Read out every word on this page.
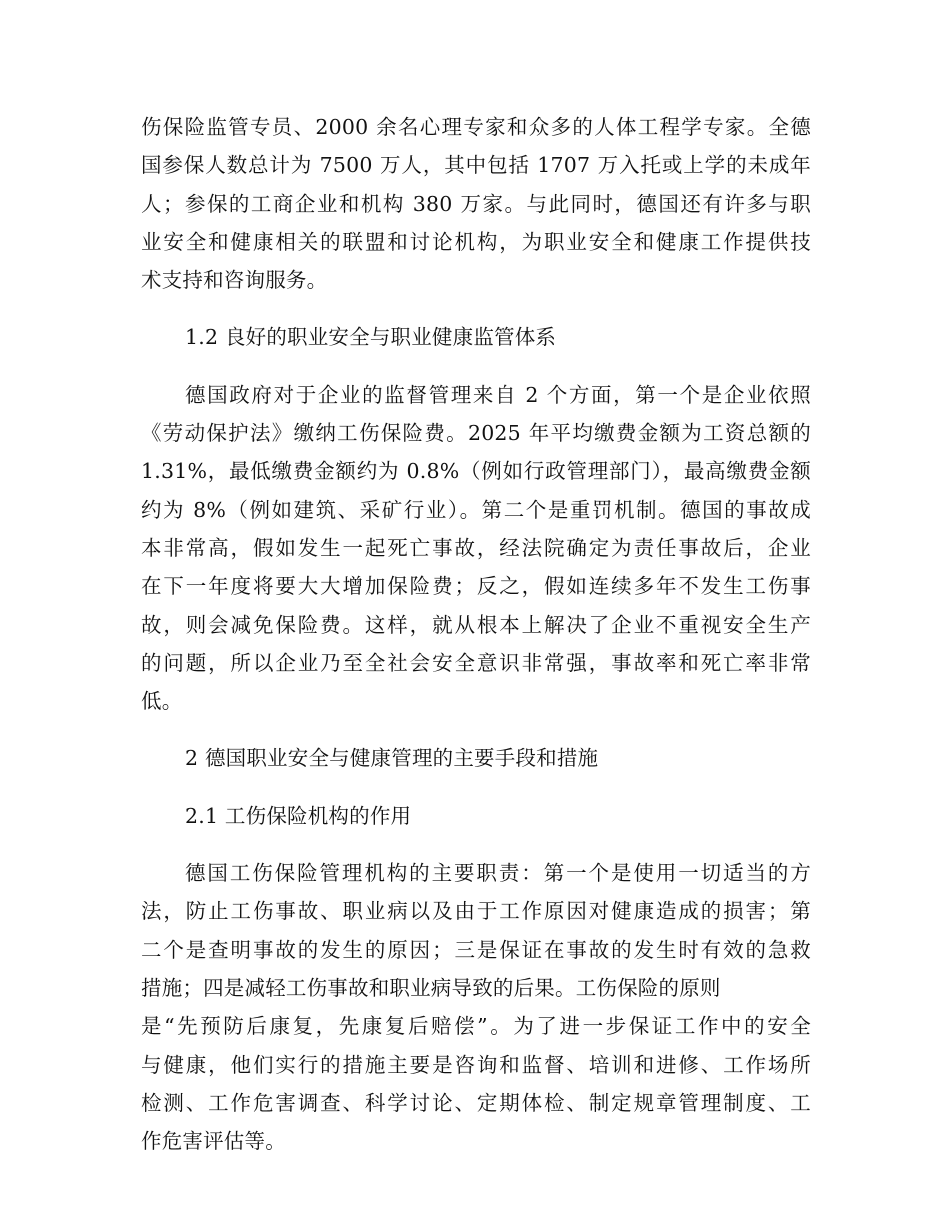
伤保险监管专员、2000 余名心理专家和众多的人体工程学专家。全德
国参保人数总计为 7500 万人，其中包括 1707 万入托或上学的未成年
人；参保的工商企业和机构 380 万家。与此同时，德国还有许多与职
业安全和健康相关的联盟和讨论机构，为职业安全和健康工作提供技
术支持和咨询服务。

1.2 良好的职业安全与职业健康监管体系

德国政府对于企业的监督管理来自 2 个方面，第一个是企业依照
《劳动保护法》缴纳工伤保险费。2025 年平均缴费金额为工资总额的
1.31%，最低缴费金额约为 0.8%（例如行政管理部门），最高缴费金额
约为 8%（例如建筑、采矿行业）。第二个是重罚机制。德国的事故成
本非常高，假如发生一起死亡事故，经法院确定为责任事故后，企业
在下一年度将要大大增加保险费；反之，假如连续多年不发生工伤事
故，则会减免保险费。这样，就从根本上解决了企业不重视安全生产
的问题，所以企业乃至全社会安全意识非常强，事故率和死亡率非常
低。

2 德国职业安全与健康管理的主要手段和措施

2.1 工伤保险机构的作用

德国工伤保险管理机构的主要职责：第一个是使用一切适当的方
法，防止工伤事故、职业病以及由于工作原因对健康造成的损害；第
二个是查明事故的发生的原因；三是保证在事故的发生时有效的急救
措施；四是减轻工伤事故和职业病导致的后果。工伤保险的原则
是“先预防后康复，先康复后赔偿”。为了进一步保证工作中的安全
与健康，他们实行的措施主要是咨询和监督、培训和进修、工作场所
检测、工作危害调查、科学讨论、定期体检、制定规章管理制度、工
作危害评估等。
